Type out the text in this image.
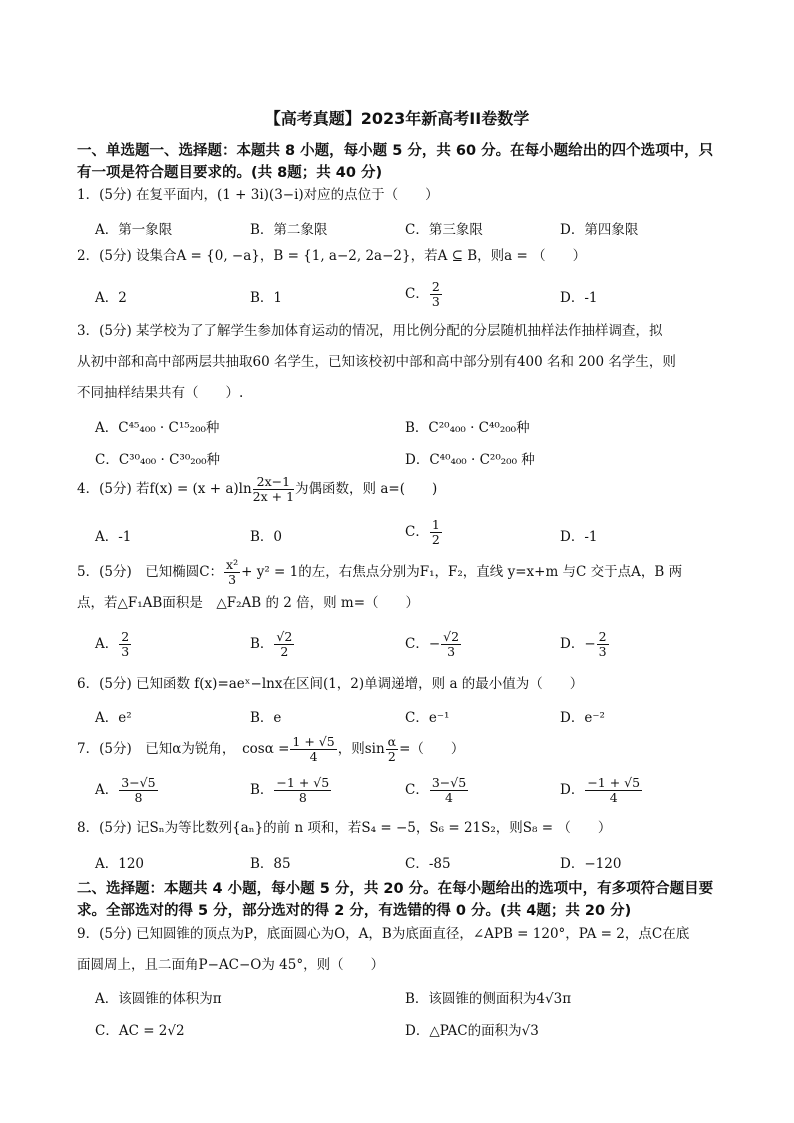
【高考真题】2023年新高考II卷数学
一、单选题一、选择题：本题共 8 小题，每小题 5 分，共 60 分。在每小题给出的四个选项中，只有一项是符合题目要求的。(共 8题；共 40 分)
1．(5分) 在复平面内，(1 + 3i)(3−i)对应的点位于（　　）
A．第一象限	B．第二象限	C．第三象限	D．第四象限
2．(5分) 设集合A = {0, −a}，B = {1, a−2, 2a−2}，若A ⊆ B，则a = （　　）
A．2	B．1	C． $\frac{2}{3}$	D．-1
3．(5分) 某学校为了了解学生参加体育运动的情况，用比例分配的分层随机抽样法作抽样调查，拟
从初中部和高中部两层共抽取60 名学生，已知该校初中部和高中部分别有400 名和 200 名学生，则
不同抽样结果共有（　　）.
A．C⁴⁵₄₀₀ · C¹⁵₂₀₀种	B．C²⁰₄₀₀ · C⁴⁰₂₀₀种
C．C³⁰₄₀₀ · C³⁰₂₀₀种	D．C⁴⁰₄₀₀ · C²⁰₂₀₀ 种
4．(5分) 若$f(x) = (x + a)\ln \frac{2x-1}{2x + 1}$ 为偶函数，则 a=(　　)
A．-1	B．0	C． $\frac{1}{2}$	D．-1
5．(5分)　已知椭圆C： $\frac{\text{x²}}{3} + y^2 = 1$的左，右焦点分别为F₁，F₂，直线 y=x+m 与C 交于点A，B 两
点，若△F₁AB面积是　△F₂AB 的 2 倍，则 m=（　　）
A． $\frac{2}{3}$	B． $\frac{√2}{2}$	C．− $\frac{√2}{3}$	D．− $\frac{2}{3}$
6．(5分) 已知函数 f(x)=aeˣ−lnx在区间(1，2)单调递增，则 a 的最小值为（　　）
A．e²	B．e	C．e⁻¹	D．e⁻²
7．(5分)　已知α为锐角，　$\cos\alpha = \frac{1 + √5}{4}$ ，则$\sin \frac{\alpha}{2}$ =（　　）
A． $\frac{3-√5}{8}$	B． $\frac{-1 + √5}{8}$	C． $\frac{3-√5}{4}$	D． $\frac{-1 + √5}{4}$
8．(5分) 记Sₙ为等比数列{aₙ}的前 n 项和，若S₄ = −5，S₆ = 21S₂，则S₈ = （　　）
A．120	B．85	C．-85	D．−120
二、选择题：本题共 4 小题，每小题 5 分，共 20 分。在每小题给出的选项中，有多项符合题目要求。全部选对的得 5 分，部分选对的得 2 分，有选错的得 0 分。(共 4题；共 20 分)
9．(5分) 已知圆锥的顶点为P，底面圆心为O，A，B为底面直径，∠APB = 120°，PA = 2，点C在底
面圆周上，且二面角P−AC−O为 45°，则（　　）
A．该圆锥的体积为π	B．该圆锥的侧面积为4√3π
C．AC = 2√2	D．△PAC的面积为√3
